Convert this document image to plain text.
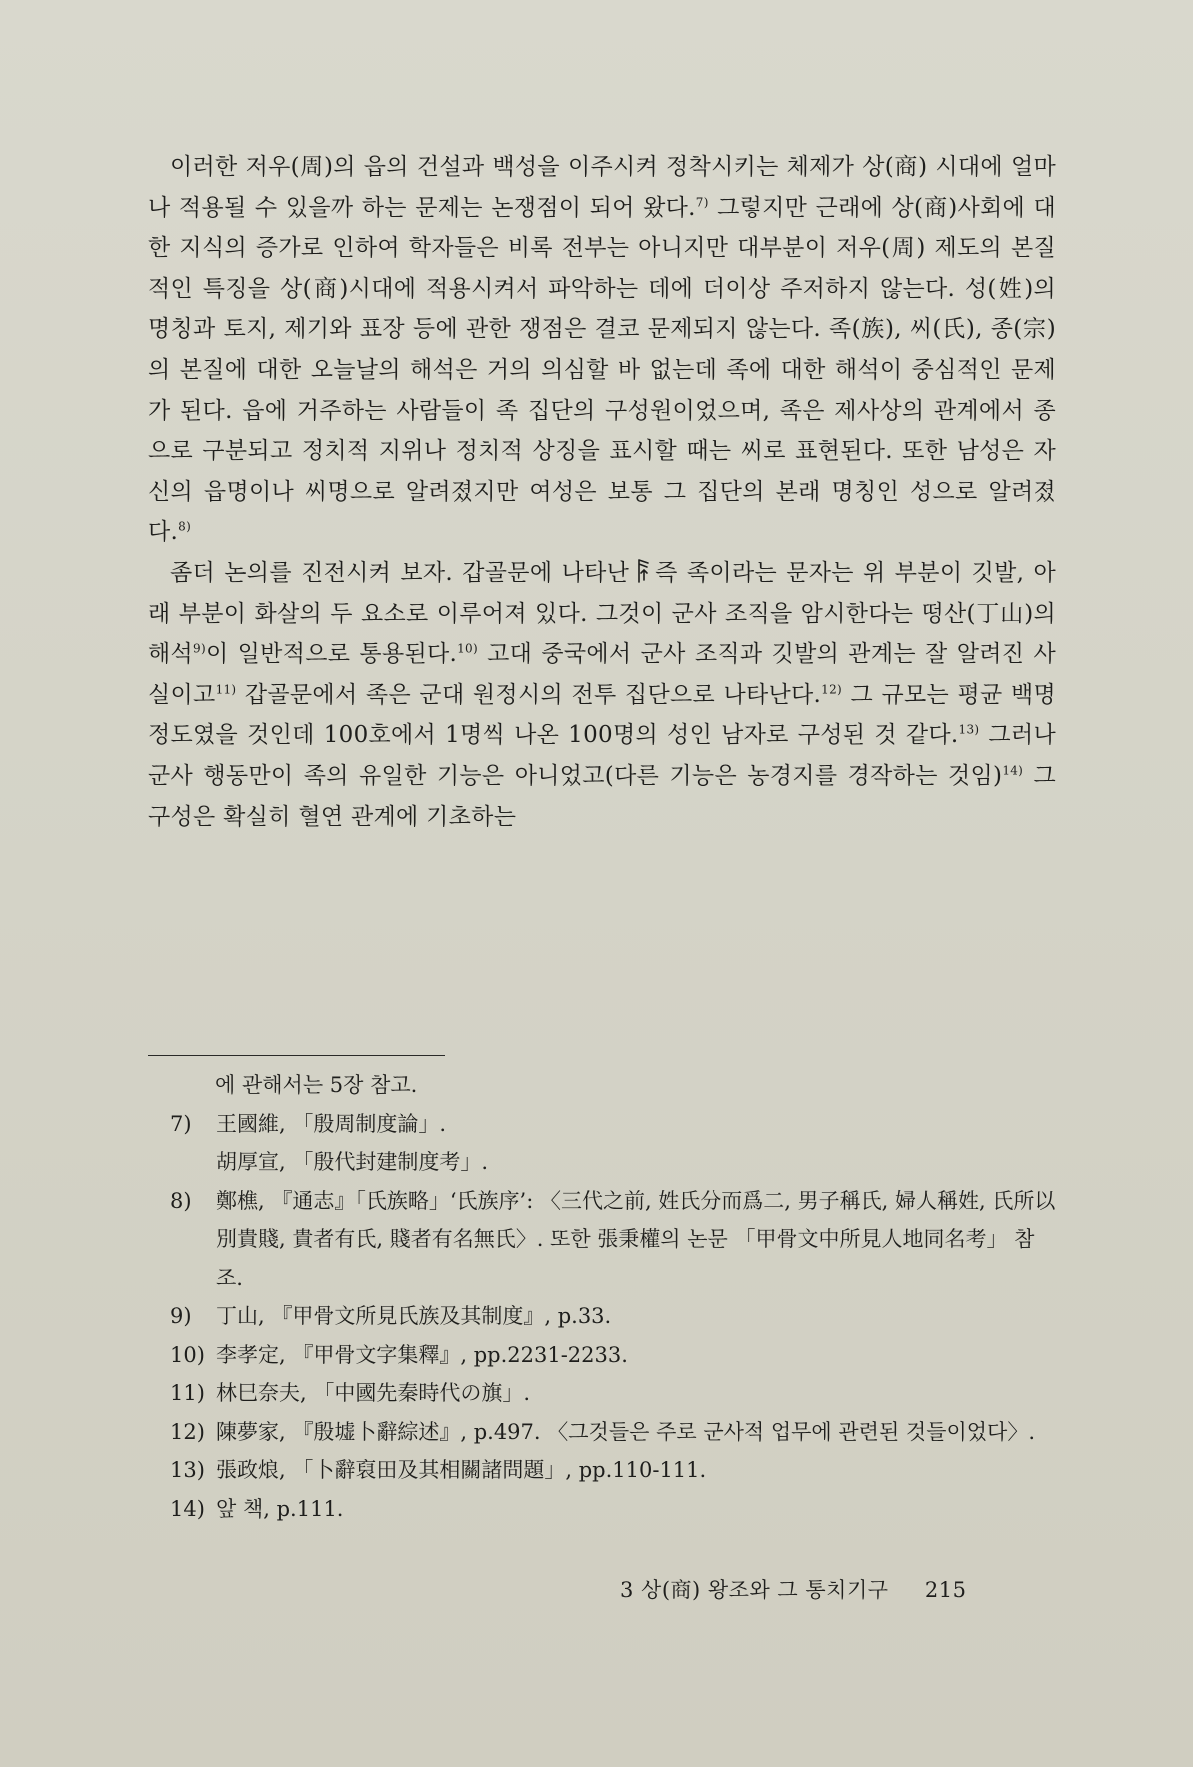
이러한 저우(周)의 읍의 건설과 백성을 이주시켜 정착시키는 체제가 상(商) 시대에 얼마나 적용될 수 있을까 하는 문제는 논쟁점이 되어 왔다.$^{7)}$ 그렇지만 근래에 상(商)사회에 대한 지식의 증가로 인하여 학자들은 비록 전부는 아니지만 대부분이 저우(周) 제도의 본질적인 특징을 상(商)시대에 적용시켜서 파악하는 데에 더이상 주저하지 않는다. 성(姓)의 명칭과 토지, 제기와 표장 등에 관한 쟁점은 결코 문제되지 않는다. 족(族), 씨(氏), 종(宗)의 본질에 대한 오늘날의 해석은 거의 의심할 바 없는데 족에 대한 해석이 중심적인 문제가 된다. 읍에 거주하는 사람들이 족 집단의 구성원이었으며, 족은 제사상의 관계에서 종으로 구분되고 정치적 지위나 정치적 상징을 표시할 때는 씨로 표현된다. 또한 남성은 자신의 읍명이나 씨명으로 알려졌지만 여성은 보통 그 집단의 본래 명칭인 성으로 알려졌다.$^{8)}$

좀더 논의를 진전시켜 보자. 갑골문에 나타난 즉 족이라는 문자는 위 부분이 깃발, 아래 부분이 화살의 두 요소로 이루어져 있다. 그것이 군사 조직을 암시한다는 떵산(丁山)의 해석$^{9)}$이 일반적으로 통용된다.$^{10)}$ 고대 중국에서 군사 조직과 깃발의 관계는 잘 알려진 사실이고$^{11)}$ 갑골문에서 족은 군대 원정시의 전투 집단으로 나타난다.$^{12)}$ 그 규모는 평균 백명 정도였을 것인데 100호에서 1명씩 나온 100명의 성인 남자로 구성된 것 같다.$^{13)}$ 그러나 군사 행동만이 족의 유일한 기능은 아니었고(다른 기능은 농경지를 경작하는 것임)$^{14)}$ 그 구성은 확실히 혈연 관계에 기초하는

에 관해서는 5장 참고.
7)	王國維, 「殷周制度論」.
胡厚宣, 「殷代封建制度考」.
8)	鄭樵, 『通志』「氏族略」‘氏族序’: 〈三代之前, 姓氏分而爲二, 男子稱氏, 婦人稱姓, 氏所以別貴賤, 貴者有氏, 賤者有名無氏〉. 또한 張秉權의 논문 「甲骨文中所見人地同名考」 참조.
9)	丁山, 『甲骨文所見氏族及其制度』, p.33.
10) 李孝定, 『甲骨文字集釋』, pp.2231-2233.
11) 林巳奈夫, 「中國先秦時代の旗」.
12) 陳夢家, 『殷墟卜辭綜述』, p.497. 〈그것들은 주로 군사적 업무에 관련된 것들이었다〉.
13) 張政烺, 「卜辭裒田及其相關諸問題」, pp.110-111.
14) 앞 책, p.111.
3 상(商) 왕조와 그 통치기구 215
